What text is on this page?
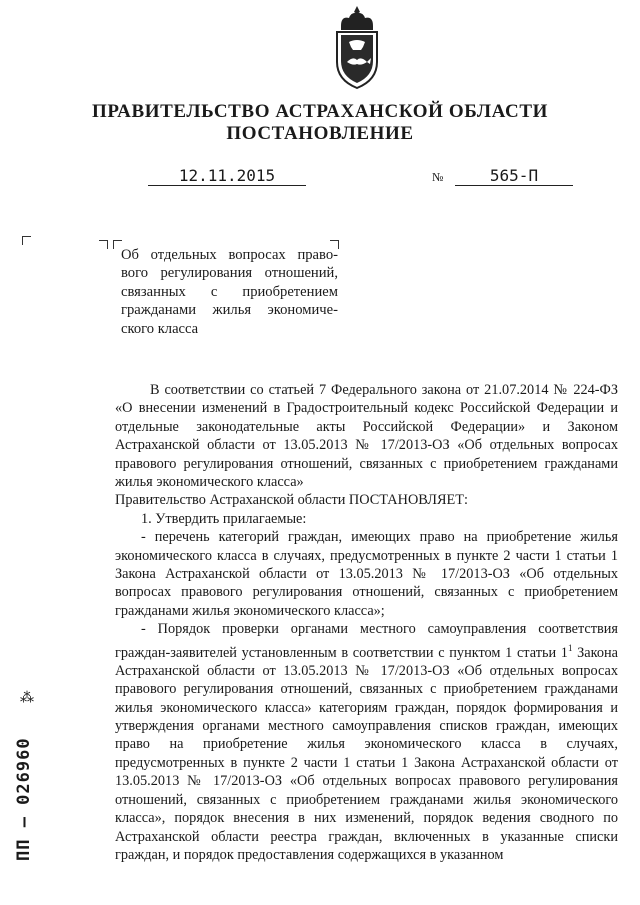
ПРАВИТЕЛЬСТВО АСТРАХАНСКОЙ ОБЛАСТИ
ПОСТАНОВЛЕНИЕ
12.11.2015	№	565-П
Об отдельных вопросах право-
вого регулирования отношений,
связанных с приобретением
гражданами жилья экономиче-
ского класса

В соответствии со статьей 7 Федерального закона от 21.07.2014 № 224-ФЗ «О внесении изменений в Градостроительный кодекс Российской Федерации и отдельные законодательные акты Российской Федерации» и Законом Астраханской области от 13.05.2013 № 17/2013-ОЗ «Об отдельных вопросах правового регулирования отношений, связанных с приобретением гражданами жилья экономического класса»

Правительство Астраханской области ПОСТАНОВЛЯЕТ:

1. Утвердить прилагаемые:

- перечень категорий граждан, имеющих право на приобретение жилья экономического класса в случаях, предусмотренных в пункте 2 части 1 статьи 1 Закона Астраханской области от 13.05.2013 № 17/2013-ОЗ «Об отдельных вопросах правового регулирования отношений, связанных с приобретением гражданами жилья экономического класса»;

- Порядок проверки органами местного самоуправления соответствия граждан-заявителей установленным в соответствии с пунктом 1 статьи $1^1$ Закона Астраханской области от 13.05.2013 № 17/2013-ОЗ «Об отдельных вопросах правового регулирования отношений, связанных с приобретением гражданами жилья экономического класса» категориям граждан, порядок формирования и утверждения органами местного самоуправления списков граждан, имеющих право на приобретение жилья экономического класса в случаях, предусмотренных в пункте 2 части 1 статьи 1 Закона Астраханской области от 13.05.2013 № 17/2013-ОЗ «Об отдельных вопросах правового регулирования отношений, связанных с приобретением гражданами жилья экономического класса», порядок внесения в них изменений, порядок ведения сводного по Астраханской области реестра граждан, включенных в указанные списки граждан, и порядок предоставления содержащихся в указанном

⁂
ПП – 026960
